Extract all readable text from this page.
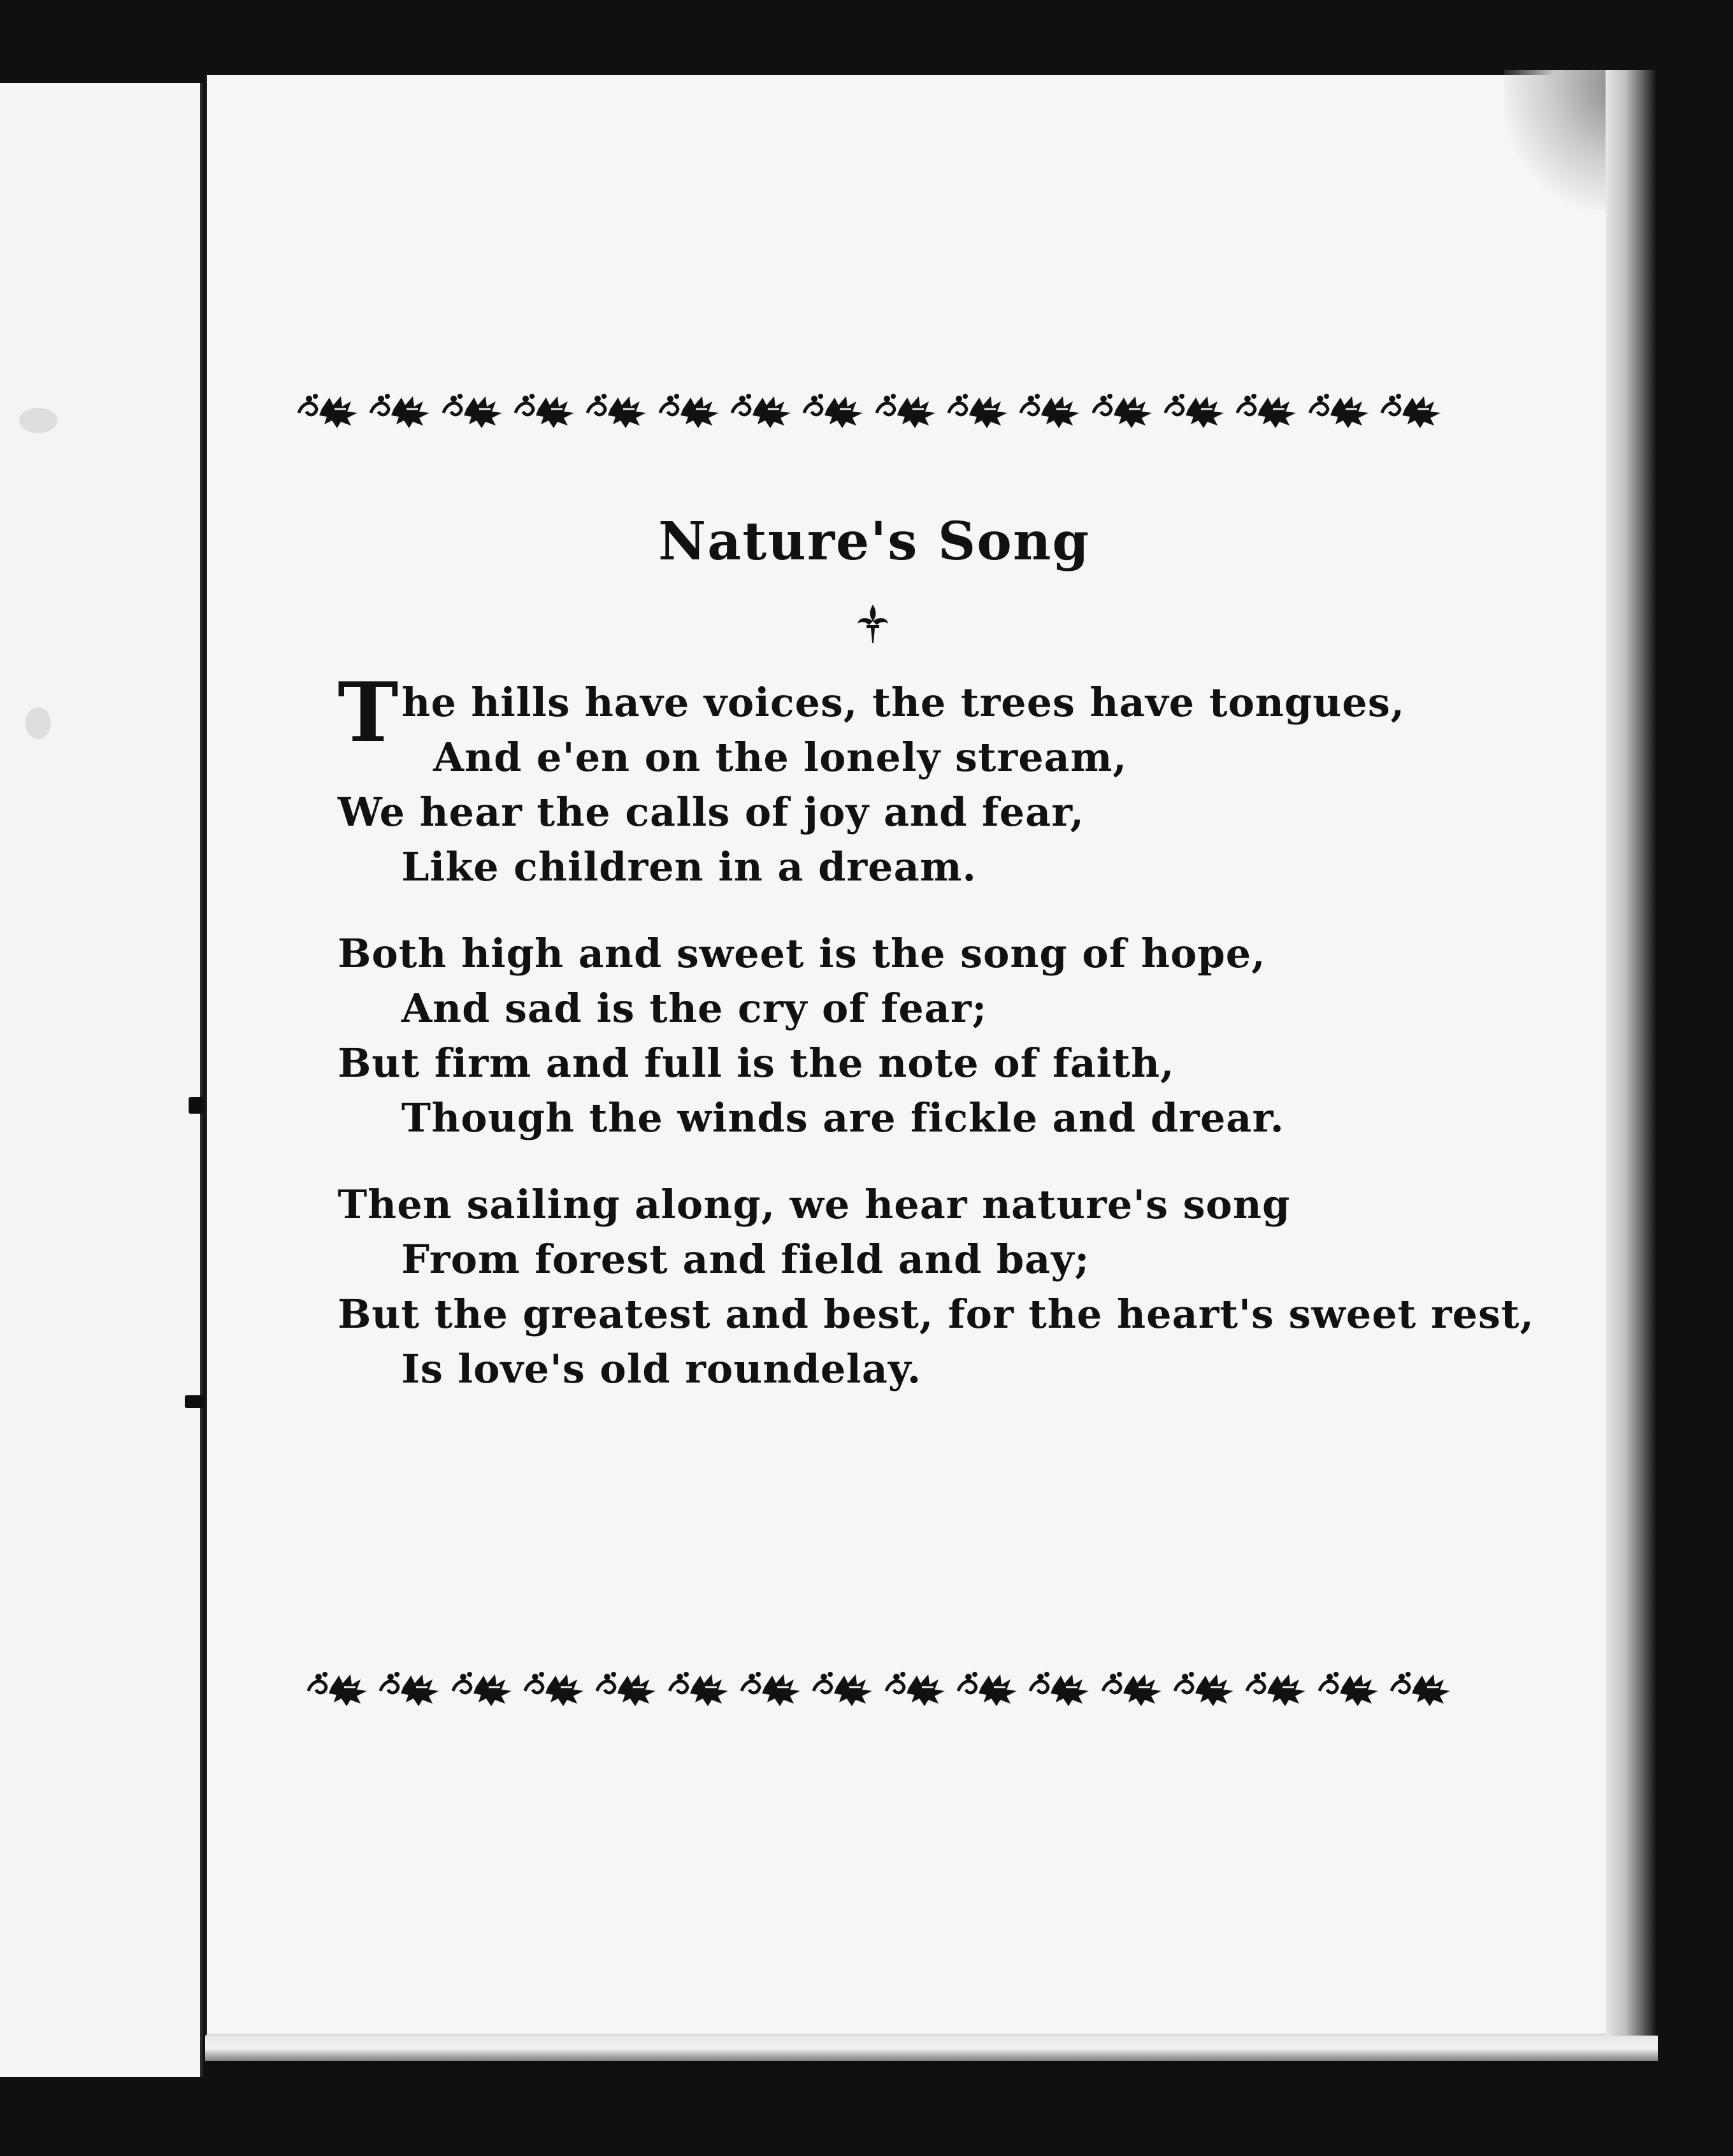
Nature's Song
The hills have voices, the trees have tongues,
And e'en on the lonely stream,
We hear the calls of joy and fear,
Like children in a dream.
Both high and sweet is the song of hope,
And sad is the cry of fear;
But firm and full is the note of faith,
Though the winds are fickle and drear.
Then sailing along, we hear nature's song
From forest and field and bay;
But the greatest and best, for the heart's sweet rest,
Is love's old roundelay.
